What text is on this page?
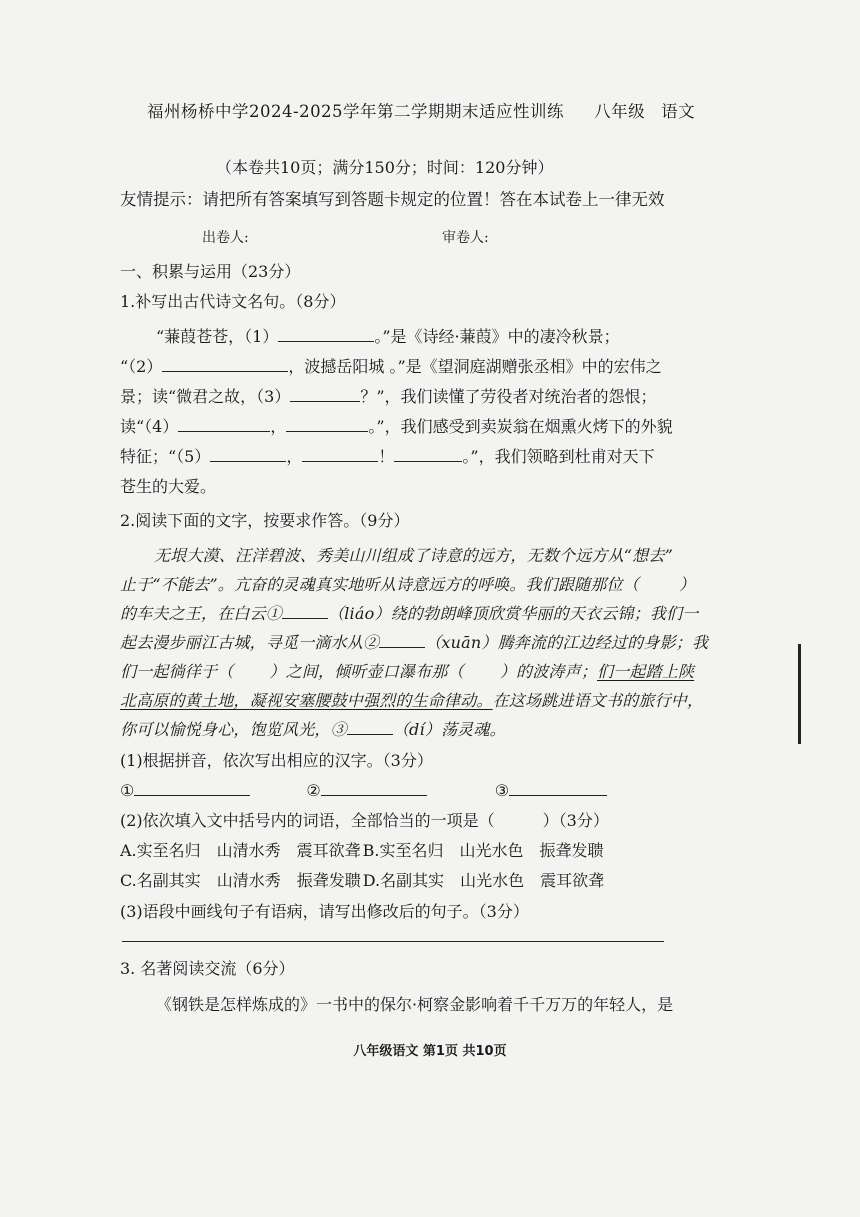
福州杨桥中学2024-2025学年第二学期期末适应性训练 八年级 语文
（本卷共10页；满分150分；时间：120分钟）
友情提示：请把所有答案填写到答题卡规定的位置！答在本试卷上一律无效
出卷人:	审卷人:
一、积累与运用（23分）
1.补写出古代诗文名句。（8分）
“蒹葭苍苍，（1）	。”是《诗经·蒹葭》中的凄冷秋景；
“（2）	，波撼岳阳城 。”是《望洞庭湖赠张丞相》中的宏伟之
景；读“微君之故，（3）	？”，我们读懂了劳役者对统治者的怨恨；
读“（4）	，	。”，我们感受到卖炭翁在烟熏火烤下的外貌
特征；“（5）	，	！	。”，我们领略到杜甫对天下
苍生的大爱。
2.阅读下面的文字，按要求作答。（9分）
无垠大漠、汪洋碧波、秀美山川组成了诗意的远方，无数个远方从“想去”
止于“不能去”。亢奋的灵魂真实地听从诗意远方的呼唤。我们跟随那位（	）
的车夫之王，在白云①	（liáo）绕的勃朗峰顶欣赏华丽的天衣云锦；我们一
起去漫步丽江古城，寻觅一滴水从②	（xuān）腾奔流的江边经过的身影；我
们一起徜徉于（ ）之间，倾听壶口瀑布那（ ）的波涛声；们一起踏上陕
北高原的黄土地，凝视安塞腰鼓中强烈的生命律动。在这场跳进语文书的旅行中，
你可以愉悦身心，饱览风光，③	（dí）荡灵魂。
(1)根据拼音，依次写出相应的汉字。（3分）
①	②	③
(2)依次填入文中括号内的词语，全部恰当的一项是（	）（3分）
A.实至名归　山清水秀　震耳欲聋 B.实至名归　山光水色　振聋发聩
C.名副其实　山清水秀　振聋发聩 D.名副其实　山光水色　震耳欲聋
(3)语段中画线句子有语病，请写出修改后的句子。（3分）
3. 名著阅读交流（6分）
《钢铁是怎样炼成的》一书中的保尔·柯察金影响着千千万万的年轻人，是
八年级语文 第1页 共10页
